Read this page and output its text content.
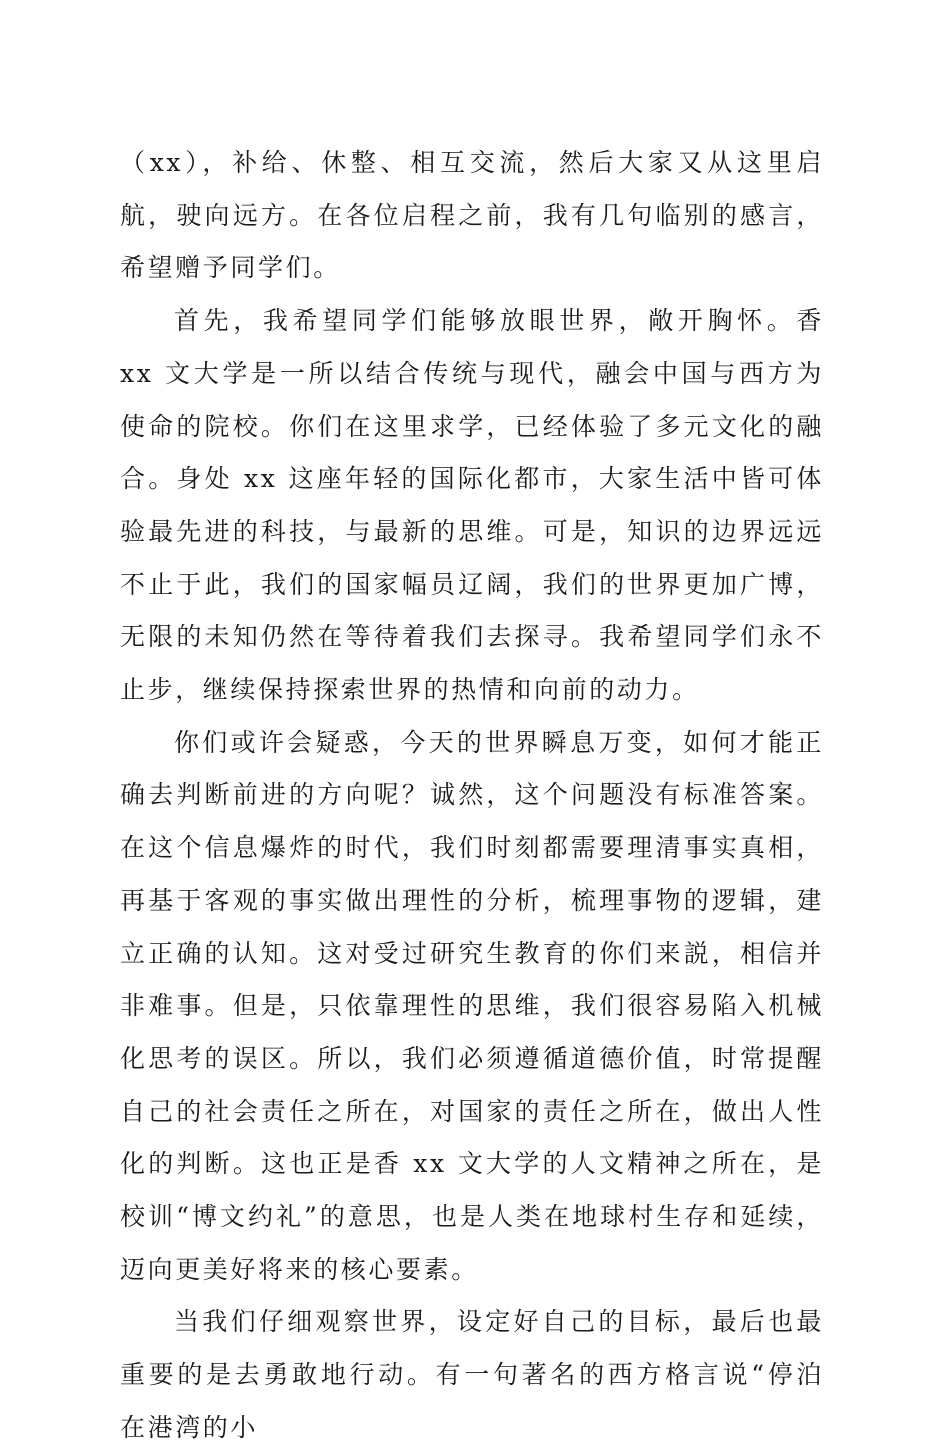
（xx），补给、休整、相互交流，然后大家又从这里启航，驶向远方。在各位启程之前，我有几句临别的感言，希望赠予同学们。

首先，我希望同学们能够放眼世界，敞开胸怀。香 xx 文大学是一所以结合传统与现代，融会中国与西方为使命的院校。你们在这里求学，已经体验了多元文化的融合。身处 xx 这座年轻的国际化都市，大家生活中皆可体验最先进的科技，与最新的思维。可是，知识的边界远远不止于此，我们的国家幅员辽阔，我们的世界更加广博，无限的未知仍然在等待着我们去探寻。我希望同学们永不止步，继续保持探索世界的热情和向前的动力。

你们或许会疑惑，今天的世界瞬息万变，如何才能正确去判断前进的方向呢？诚然，这个问题没有标准答案。在这个信息爆炸的时代，我们时刻都需要理清事实真相，再基于客观的事实做出理性的分析，梳理事物的逻辑，建立正确的认知。这对受过研究生教育的你们来説，相信并非难事。但是，只依靠理性的思维，我们很容易陷入机械化思考的误区。所以，我们必须遵循道德价值，时常提醒自己的社会责任之所在，对国家的责任之所在，做出人性化的判断。这也正是香 xx 文大学的人文精神之所在，是校训“博文约礼”的意思，也是人类在地球村生存和延续，迈向更美好将来的核心要素。

当我们仔细观察世界，设定好自己的目标，最后也最重要的是去勇敢地行动。有一句著名的西方格言说“停泊在港湾的小
